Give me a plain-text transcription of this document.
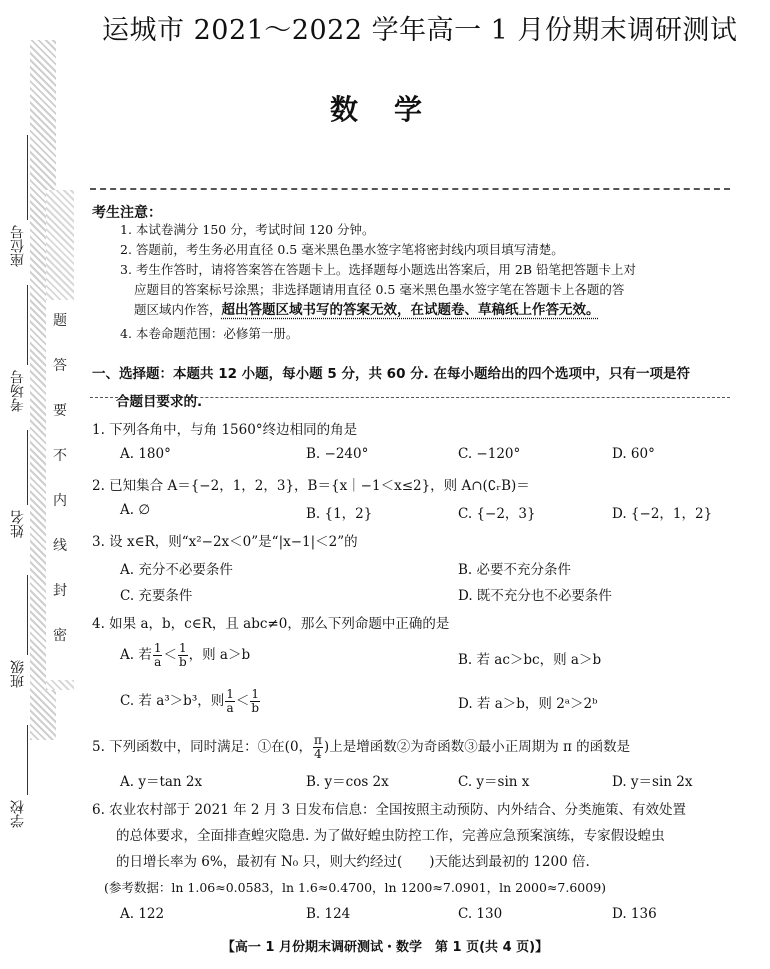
题
答
要
不
内
线
封
密
座位号
考场号
姓名
班级
学校
运城市 2021～2022 学年高一 1 月份期末调研测试
数学
考生注意：
1. 本试卷满分 150 分，考试时间 120 分钟。
2. 答题前，考生务必用直径 0.5 毫米黑色墨水签字笔将密封线内项目填写清楚。
3. 考生作答时，请将答案答在答题卡上。选择题每小题选出答案后，用 2B 铅笔把答题卡上对
应题目的答案标号涂黑；非选择题请用直径 0.5 毫米黑色墨水签字笔在答题卡上各题的答
题区域内作答，超出答题区域书写的答案无效，在试题卷、草稿纸上作答无效。
4. 本卷命题范围：必修第一册。
一、选择题：本题共 12 小题，每小题 5 分，共 60 分. 在每小题给出的四个选项中，只有一项是符
合题目要求的.
1. 下列各角中，与角 1560°终边相同的角是
A. 180°	B. −240°	C. −120°	D. 60°
2. 已知集合 A＝{−2，1，2，3}，B＝{x｜−1＜x≤2}，则 A∩(∁ᵣB)＝
A. ∅	B. {1，2}	C. {−2，3}	D. {−2，1，2}
3. 设 x∈R，则“x²−2x＜0”是“|x−1|＜2”的
A. 充分不必要条件	B. 必要不充分条件
C. 充要条件	D. 既不充分也不必要条件
4. 如果 a，b，c∈R，且 abc≠0，那么下列命题中正确的是
A. 若 $\frac{1}{a} < \frac{1}{b}$ ，则 a＞b	B. 若 ac＞bc，则 a＞b
C. 若 a³＞b³，则 $\frac{1}{a} < \frac{1}{b}$	D. 若 a＞b，则 2ᵃ＞2ᵇ
5. 下列函数中，同时满足：①在(0， $\frac{\pi}{4}$ )上是增函数②为奇函数③最小正周期为 π 的函数是
A. y＝tan 2x	B. y＝cos 2x	C. y＝sin x	D. y＝sin 2x
6. 农业农村部于 2021 年 2 月 3 日发布信息：全国按照主动预防、内外结合、分类施策、有效处置
的总体要求，全面排查蝗灾隐患. 为了做好蝗虫防控工作，完善应急预案演练，专家假设蝗虫
的日增长率为 6%，最初有 N₀ 只，则大约经过(　　)天能达到最初的 1200 倍.
(参考数据：ln 1.06≈0.0583，ln 1.6≈0.4700，ln 1200≈7.0901，ln 2000≈7.6009)
A. 122	B. 124	C. 130	D. 136
【高一 1 月份期末调研测试・数学　第 1 页(共 4 页)】
